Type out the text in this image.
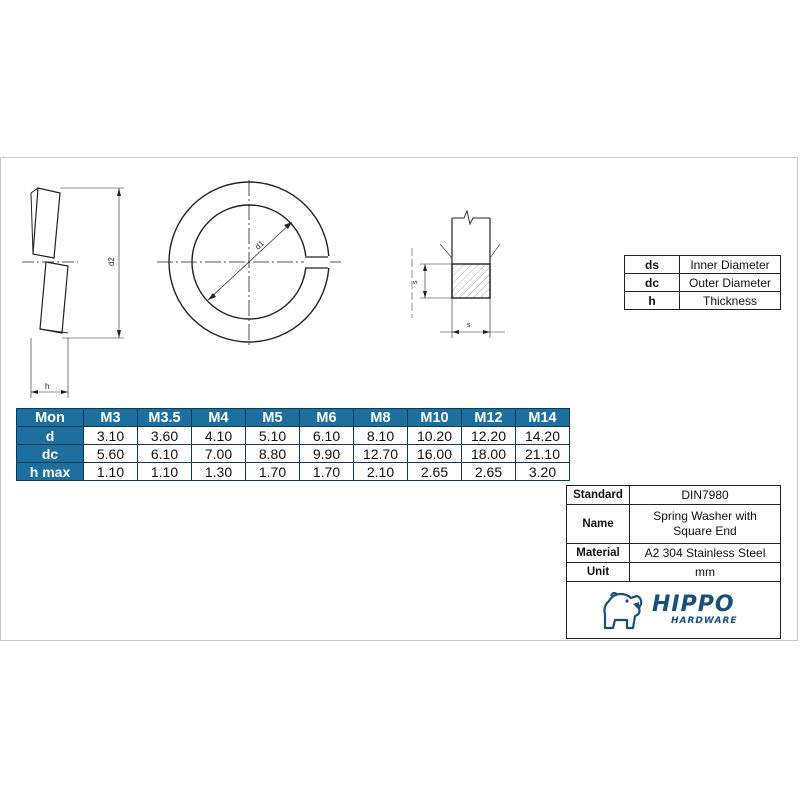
d2
h
d1
s
s
ds	Inner Diameter
dc	Outer Diameter
h	Thickness
Mon	M3	M3.5	M4	M5	M6	M8	M10	M12	M14
d	3.10	3.60	4.10	5.10	6.10	8.10	10.20	12.20	14.20
dc	5.60	6.10	7.00	8.80	9.90	12.70	16.00	18.00	21.10
h max	1.10	1.10	1.30	1.70	1.70	2.10	2.65	2.65	3.20
Standard	DIN7980
Name	Spring Washer with
Square End
Material	A2 304 Stainless Steel
Unit	mm

HIPPO
HARDWARE	
